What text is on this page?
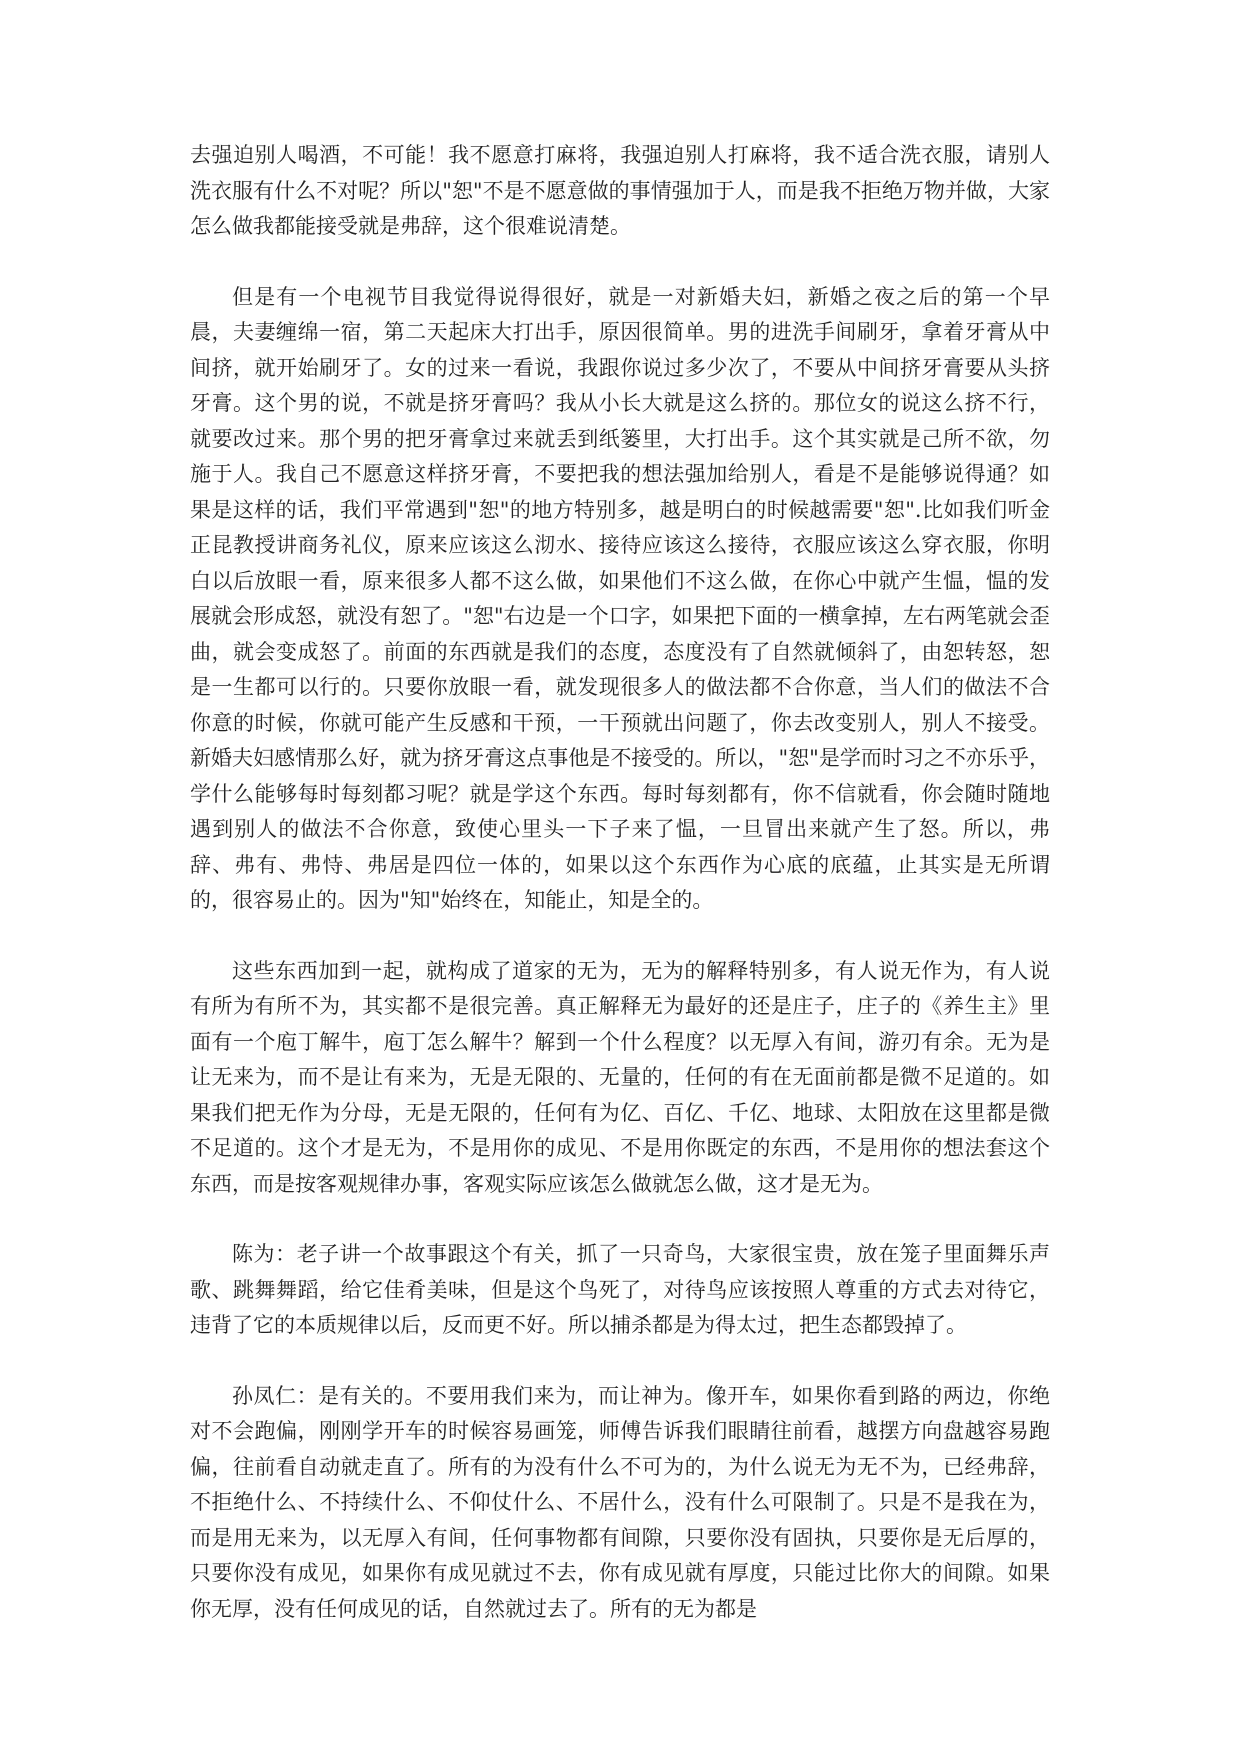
去强迫别人喝酒，不可能！我不愿意打麻将，我强迫别人打麻将，我不适合洗衣服，请别人洗衣服有什么不对呢？所以"恕"不是不愿意做的事情强加于人，而是我不拒绝万物并做，大家怎么做我都能接受就是弗辞，这个很难说清楚。

但是有一个电视节目我觉得说得很好，就是一对新婚夫妇，新婚之夜之后的第一个早晨，夫妻缠绵一宿，第二天起床大打出手，原因很简单。男的进洗手间刷牙，拿着牙膏从中间挤，就开始刷牙了。女的过来一看说，我跟你说过多少次了，不要从中间挤牙膏要从头挤牙膏。这个男的说，不就是挤牙膏吗？我从小长大就是这么挤的。那位女的说这么挤不行，就要改过来。那个男的把牙膏拿过来就丢到纸篓里，大打出手。这个其实就是己所不欲，勿施于人。我自己不愿意这样挤牙膏，不要把我的想法强加给别人，看是不是能够说得通？如果是这样的话，我们平常遇到"恕"的地方特别多，越是明白的时候越需要"恕".比如我们听金正昆教授讲商务礼仪，原来应该这么沏水、接待应该这么接待，衣服应该这么穿衣服，你明白以后放眼一看，原来很多人都不这么做，如果他们不这么做，在你心中就产生愠，愠的发展就会形成怒，就没有恕了。"恕"右边是一个口字，如果把下面的一横拿掉，左右两笔就会歪曲，就会变成怒了。前面的东西就是我们的态度，态度没有了自然就倾斜了，由恕转怒，恕是一生都可以行的。只要你放眼一看，就发现很多人的做法都不合你意，当人们的做法不合你意的时候，你就可能产生反感和干预，一干预就出问题了，你去改变别人，别人不接受。新婚夫妇感情那么好，就为挤牙膏这点事他是不接受的。所以，"恕"是学而时习之不亦乐乎，学什么能够每时每刻都习呢？就是学这个东西。每时每刻都有，你不信就看，你会随时随地遇到别人的做法不合你意，致使心里头一下子来了愠，一旦冒出来就产生了怒。所以，弗辞、弗有、弗恃、弗居是四位一体的，如果以这个东西作为心底的底蕴，止其实是无所谓的，很容易止的。因为"知"始终在，知能止，知是全的。

这些东西加到一起，就构成了道家的无为，无为的解释特别多，有人说无作为，有人说有所为有所不为，其实都不是很完善。真正解释无为最好的还是庄子，庄子的《养生主》里面有一个庖丁解牛，庖丁怎么解牛？解到一个什么程度？以无厚入有间，游刃有余。无为是让无来为，而不是让有来为，无是无限的、无量的，任何的有在无面前都是微不足道的。如果我们把无作为分母，无是无限的，任何有为亿、百亿、千亿、地球、太阳放在这里都是微不足道的。这个才是无为，不是用你的成见、不是用你既定的东西，不是用你的想法套这个东西，而是按客观规律办事，客观实际应该怎么做就怎么做，这才是无为。

陈为：老子讲一个故事跟这个有关，抓了一只奇鸟，大家很宝贵，放在笼子里面舞乐声歌、跳舞舞蹈，给它佳肴美味，但是这个鸟死了，对待鸟应该按照人尊重的方式去对待它，违背了它的本质规律以后，反而更不好。所以捕杀都是为得太过，把生态都毁掉了。

孙凤仁：是有关的。不要用我们来为，而让神为。像开车，如果你看到路的两边，你绝对不会跑偏，刚刚学开车的时候容易画笼，师傅告诉我们眼睛往前看，越摆方向盘越容易跑偏，往前看自动就走直了。所有的为没有什么不可为的，为什么说无为无不为，已经弗辞，不拒绝什么、不持续什么、不仰仗什么、不居什么，没有什么可限制了。只是不是我在为，而是用无来为，以无厚入有间，任何事物都有间隙，只要你没有固执，只要你是无后厚的，只要你没有成见，如果你有成见就过不去，你有成见就有厚度，只能过比你大的间隙。如果你无厚，没有任何成见的话，自然就过去了。所有的无为都是
